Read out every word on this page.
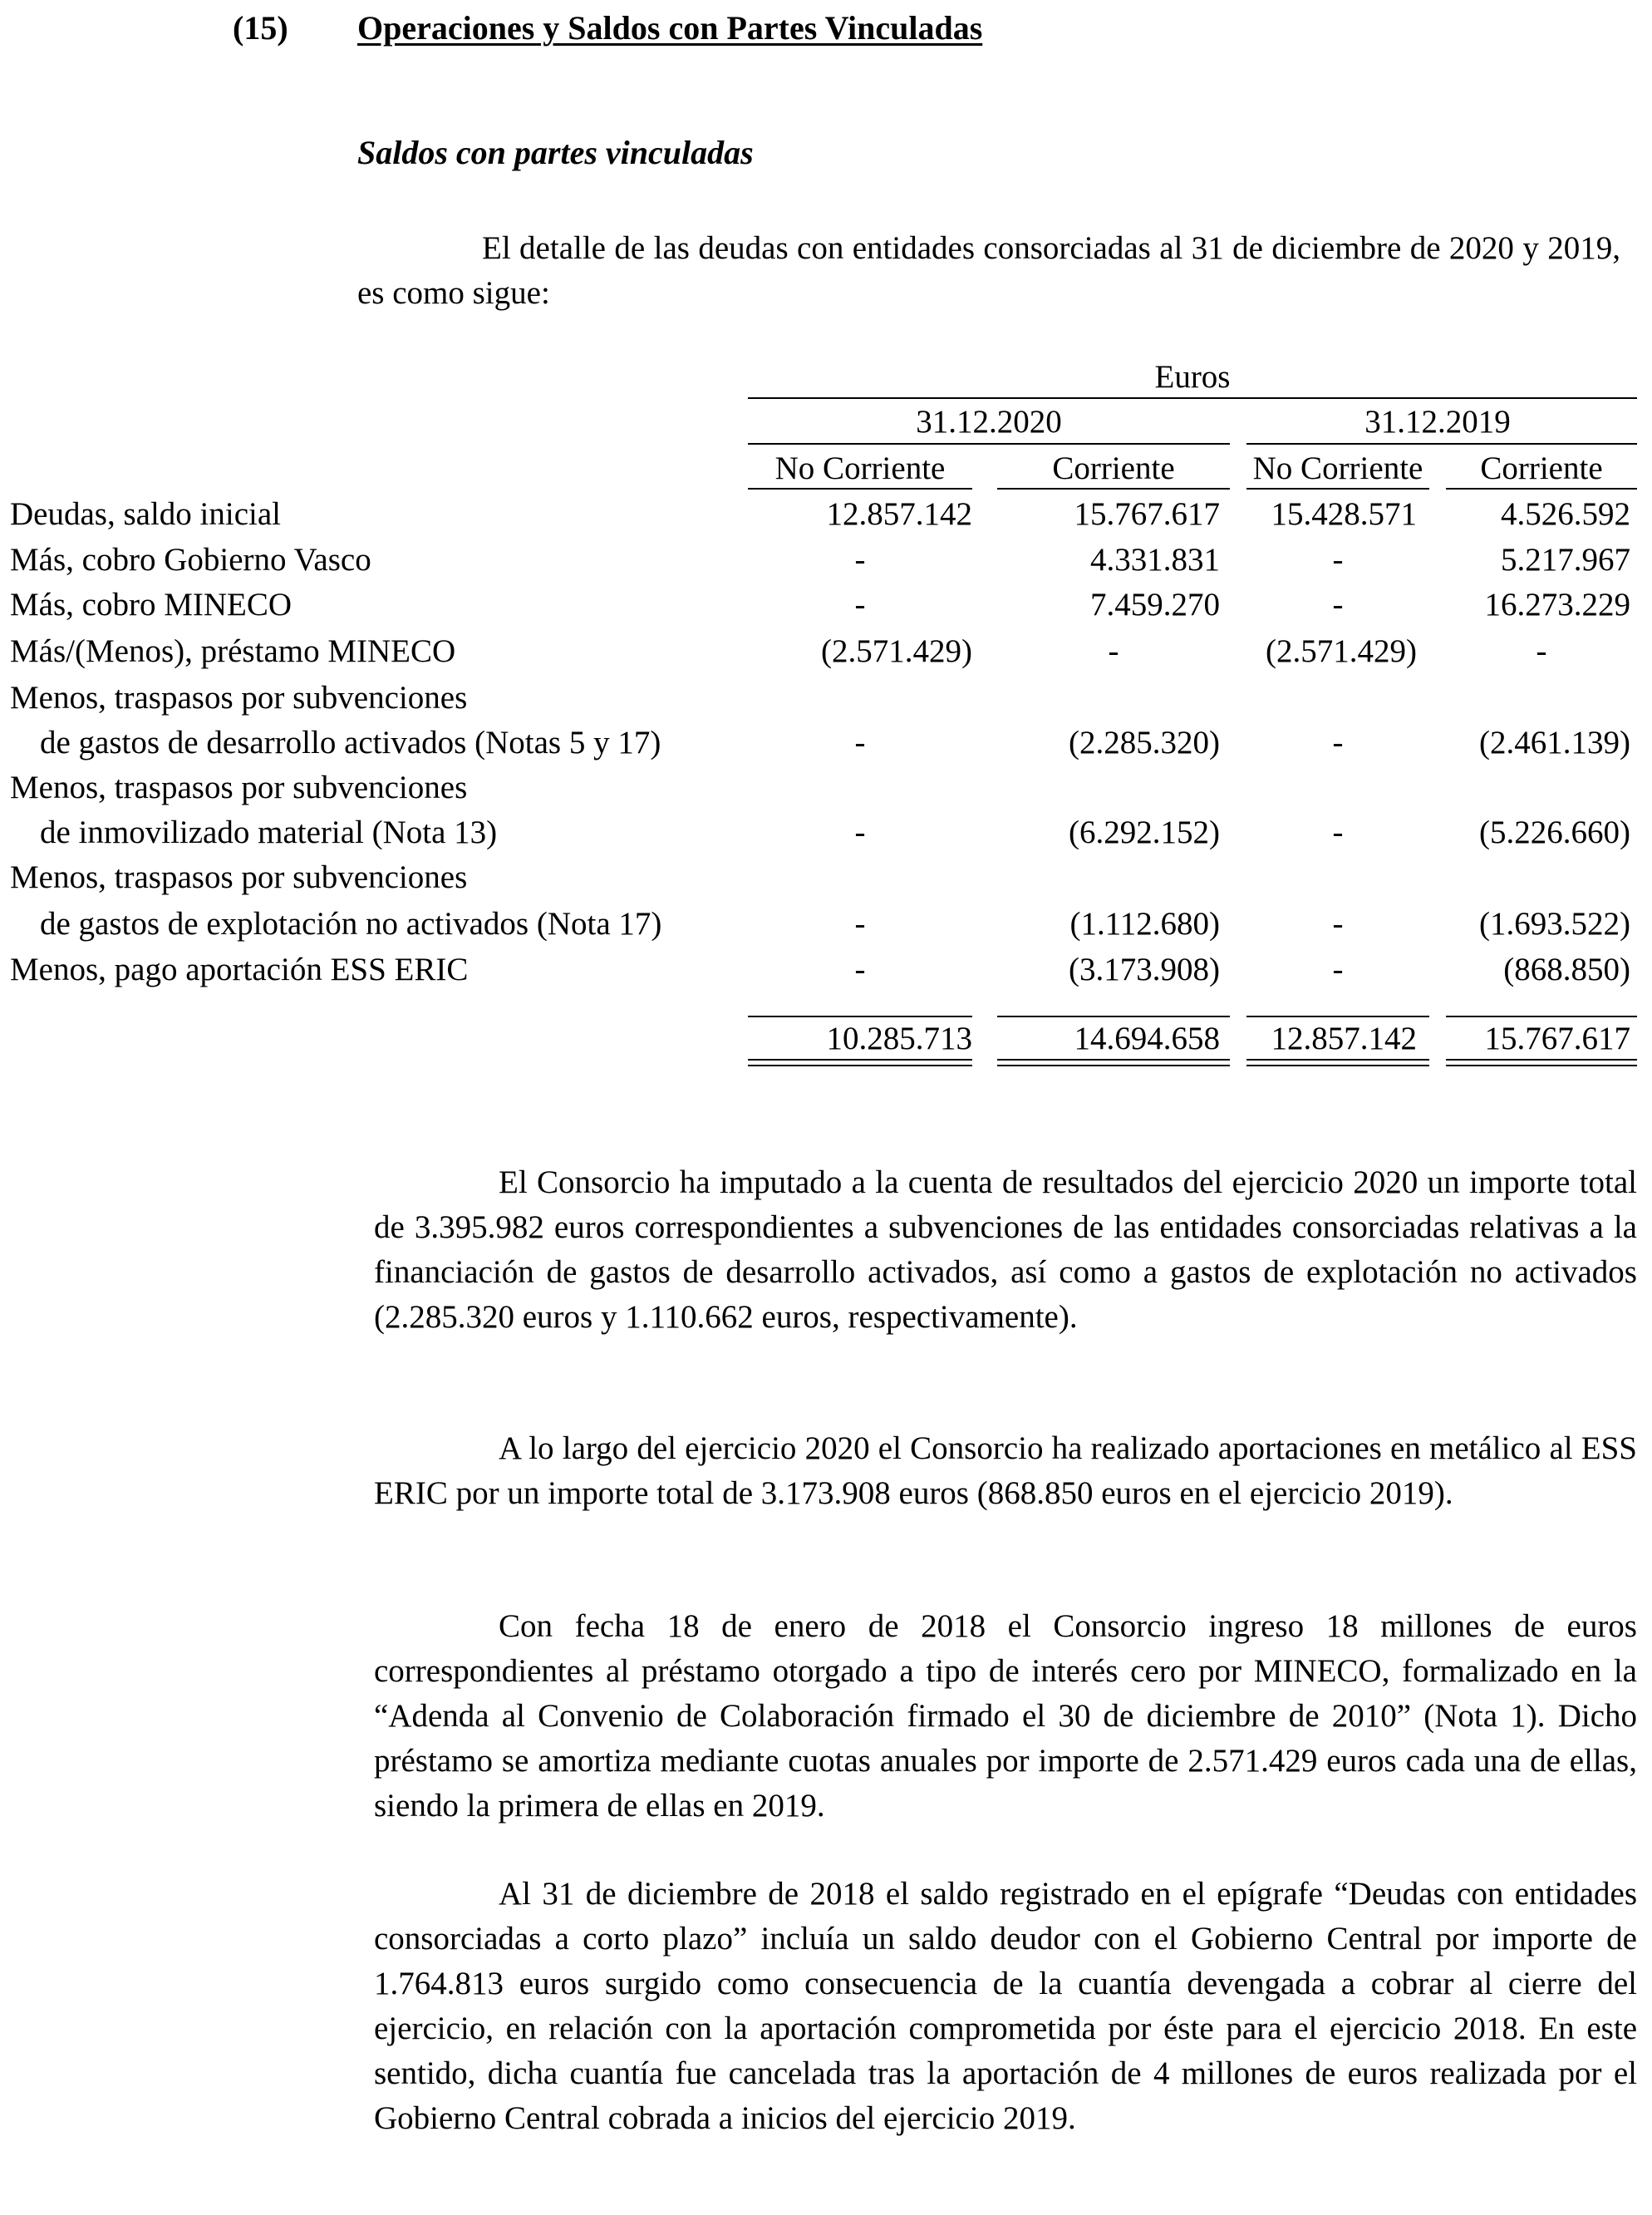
(15) Operaciones y Saldos con Partes Vinculadas
Saldos con partes vinculadas

El detalle de las deudas con entidades consorciadas al 31 de diciembre de 2020 y 2019, es como sigue:

Euros
31.12.2020	31.12.2019
No Corriente	Corriente	No Corriente	Corriente
Deudas, saldo inicial	12.857.142	15.767.617	15.428.571	4.526.592
Más, cobro Gobierno Vasco	-	4.331.831	-	5.217.967
Más, cobro MINECO	-	7.459.270	-	16.273.229
Más/(Menos), préstamo MINECO	(2.571.429)	-	(2.571.429)	-
Menos, traspasos por subvenciones
de gastos de desarrollo activados (Notas 5 y 17)	-	(2.285.320)	-	(2.461.139)
Menos, traspasos por subvenciones
de inmovilizado material (Nota 13)	-	(6.292.152)	-	(5.226.660)
Menos, traspasos por subvenciones
de gastos de explotación no activados (Nota 17)	-	(1.112.680)	-	(1.693.522)
Menos, pago aportación ESS ERIC	-	(3.173.908)	-	(868.850)
10.285.713	14.694.658	12.857.142	15.767.617

El Consorcio ha imputado a la cuenta de resultados del ejercicio 2020 un importe total de 3.395.982 euros correspondientes a subvenciones de las entidades consorciadas relativas a la financiación de gastos de desarrollo activados, así como a gastos de explotación no activados (2.285.320 euros y 1.110.662 euros, respectivamente).

A lo largo del ejercicio 2020 el Consorcio ha realizado aportaciones en metálico al ESS ERIC por un importe total de 3.173.908 euros (868.850 euros en el ejercicio 2019).

Con fecha 18 de enero de 2018 el Consorcio ingreso 18 millones de euros correspondientes al préstamo otorgado a tipo de interés cero por MINECO, formalizado en la “Adenda al Convenio de Colaboración firmado el 30 de diciembre de 2010” (Nota 1). Dicho préstamo se amortiza mediante cuotas anuales por importe de 2.571.429 euros cada una de ellas, siendo la primera de ellas en 2019.

Al 31 de diciembre de 2018 el saldo registrado en el epígrafe “Deudas con entidades consorciadas a corto plazo” incluía un saldo deudor con el Gobierno Central por importe de 1.764.813 euros surgido como consecuencia de la cuantía devengada a cobrar al cierre del ejercicio, en relación con la aportación comprometida por éste para el ejercicio 2018. En este sentido, dicha cuantía fue cancelada tras la aportación de 4 millones de euros realizada por el Gobierno Central cobrada a inicios del ejercicio 2019.
